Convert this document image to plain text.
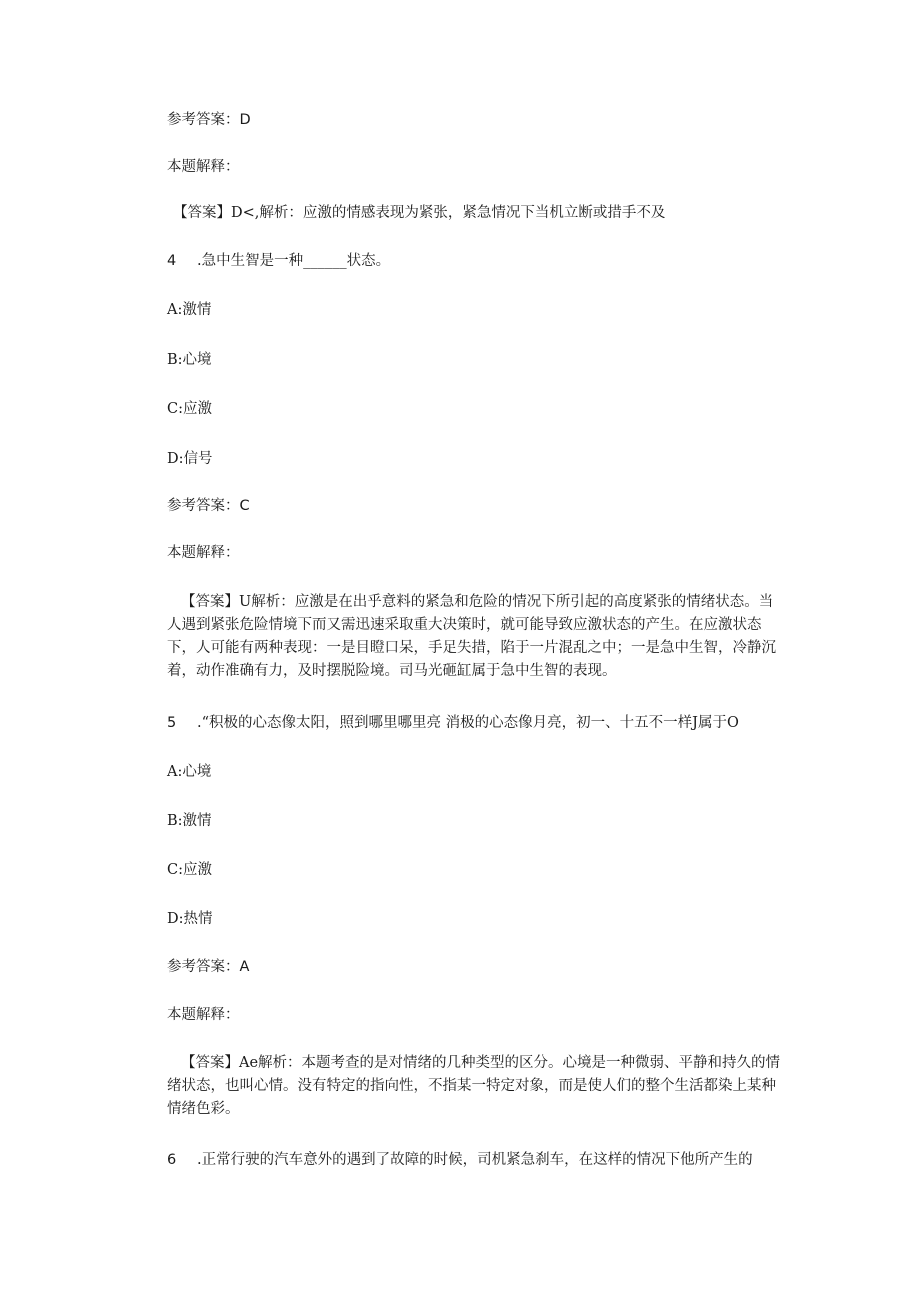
参考答案：D

本题解释：

【答案】D<,解析：应激的情感表现为紧张，紧急情况下当机立断或措手不及

4 .急中生智是一种______状态。

A:激情

B:心境

C:应激

D:信号

参考答案：C

本题解释：

【答案】U解析：应激是在出乎意料的紧急和危险的情况下所引起的高度紧张的情绪状态。当人遇到紧张危险情境下而又需迅速采取重大决策时，就可能导致应激状态的产生。在应激状态下，人可能有两种表现：一是目瞪口呆，手足失措，陷于一片混乱之中；一是急中生智，冷静沉着，动作准确有力，及时摆脱险境。司马光砸缸属于急中生智的表现。

5 .“积极的心态像太阳，照到哪里哪里亮 消极的心态像月亮，初一、十五不一样J属于O

A:心境

B:激情

C:应激

D:热情

参考答案：A

本题解释：

【答案】Ae解析：本题考查的是对情绪的几种类型的区分。心境是一种微弱、平静和持久的情绪状态，也叫心情。没有特定的指向性，不指某一特定对象，而是使人们的整个生活都染上某种情绪色彩。

6 .正常行驶的汽车意外的遇到了故障的时候，司机紧急刹车，在这样的情况下他所产生的
